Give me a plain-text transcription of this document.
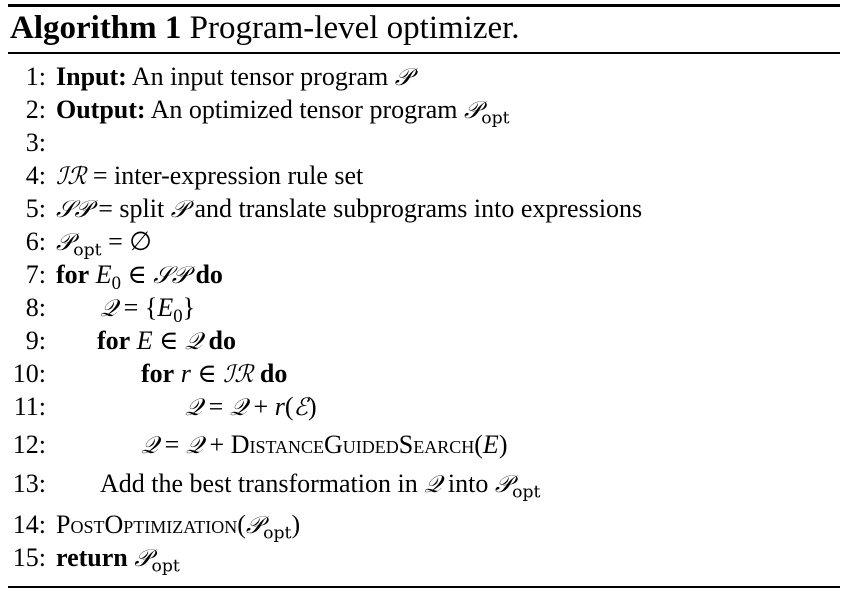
Algorithm 1 Program-level optimizer.
1: Input: An input tensor program 𝒫
2: Output: An optimized tensor program 𝒫$_{opt}$
3:
4: ℐℛ = inter-expression rule set
5: 𝒮𝒫 = split 𝒫 and translate subprograms into expressions
6: 𝒫$_{opt}$ = ∅
7: for $E_0$ ∈ 𝒮𝒫 do
8: 𝒬 = $\{E_0\}$
9: for E ∈ 𝒬 do
10:	for r ∈ ℐℛ do
11:	𝒬 = 𝒬 + r(ℰ)
12:	𝒬 = 𝒬 + DistanceGuidedSearch(E)
13: Add the best transformation in 𝒬 into 𝒫$_{opt}$
14: PostOptimization(𝒫$_{opt}$)
15: return 𝒫$_{opt}$
